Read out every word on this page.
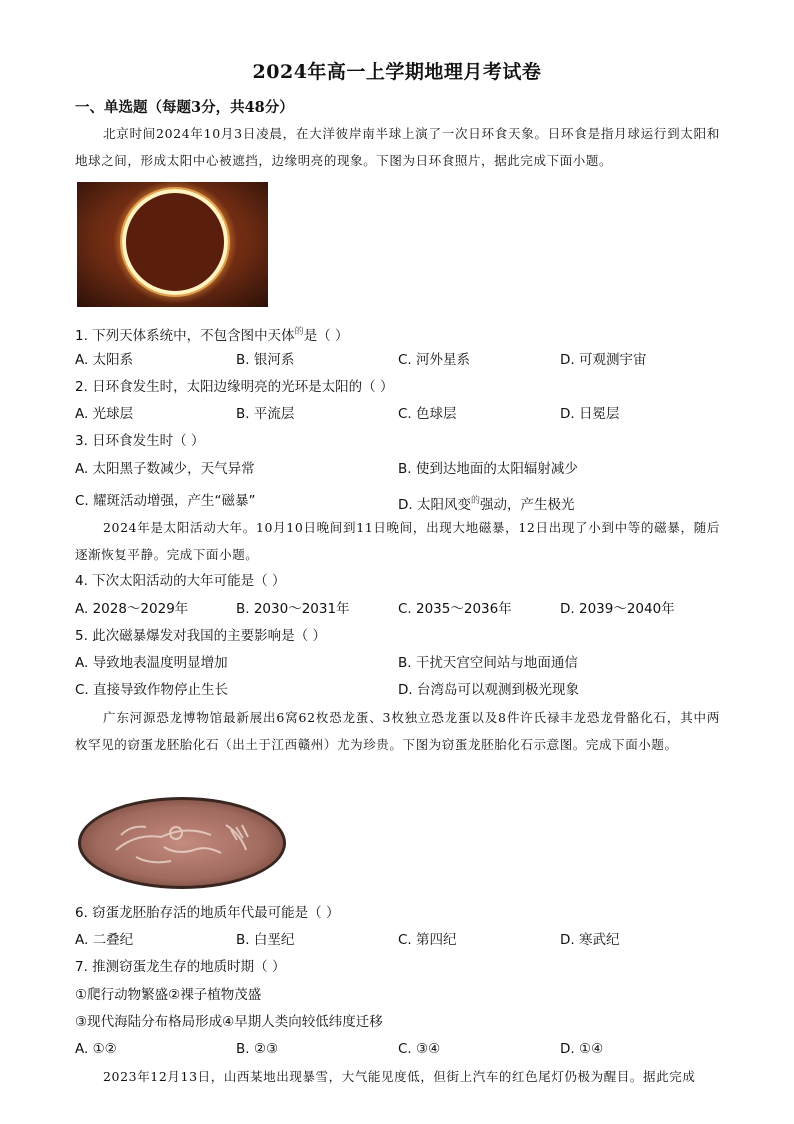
2024年高一上学期地理月考试卷
一、单选题（每题3分，共48分）
北京时间2024年10月3日凌晨，在大洋彼岸南半球上演了一次日环食天象。日环食是指月球运行到太阳和地球之间，形成太阳中心被遮挡，边缘明亮的现象。下图为日环食照片，据此完成下面小题。
1. 下列天体系统中，不包含图中天体$^的$是（ ）
A. 太阳系	B. 银河系	C. 河外星系	D. 可观测宇宙
2. 日环食发生时，太阳边缘明亮的光环是太阳的（ ）
A. 光球层	B. 平流层	C. 色球层	D. 日冕层
3. 日环食发生时（ ）
A. 太阳黑子数减少，天气异常	B. 使到达地面的太阳辐射减少
C. 耀斑活动增强，产生“磁暴”	D. 太阳风变$^的$强动，产生极光
2024年是太阳活动大年。10月10日晚间到11日晚间，出现大地磁暴，12日出现了小到中等的磁暴，随后逐渐恢复平静。完成下面小题。
4. 下次太阳活动的大年可能是（ ）
A. 2028～2029年	B. 2030～2031年	C. 2035～2036年	D. 2039～2040年
5. 此次磁暴爆发对我国的主要影响是（ ）
A. 导致地表温度明显增加	B. 干扰天宫空间站与地面通信
C. 直接导致作物停止生长	D. 台湾岛可以观测到极光现象
广东河源恐龙博物馆最新展出6窝62枚恐龙蛋、3枚独立恐龙蛋以及8件许氏禄丰龙恐龙骨骼化石，其中两枚罕见的窃蛋龙胚胎化石（出土于江西赣州）尤为珍贵。下图为窃蛋龙胚胎化石示意图。完成下面小题。
6. 窃蛋龙胚胎存活的地质年代最可能是（ ）
A. 二叠纪	B. 白垩纪	C. 第四纪	D. 寒武纪
7. 推测窃蛋龙生存的地质时期（ ）
①爬行动物繁盛②裸子植物茂盛
③现代海陆分布格局形成④早期人类向较低纬度迁移
A. ①②	B. ②③	C. ③④	D. ①④
2023年12月13日，山西某地出现暴雪，大气能见度低，但街上汽车的红色尾灯仍极为醒目。据此完成
